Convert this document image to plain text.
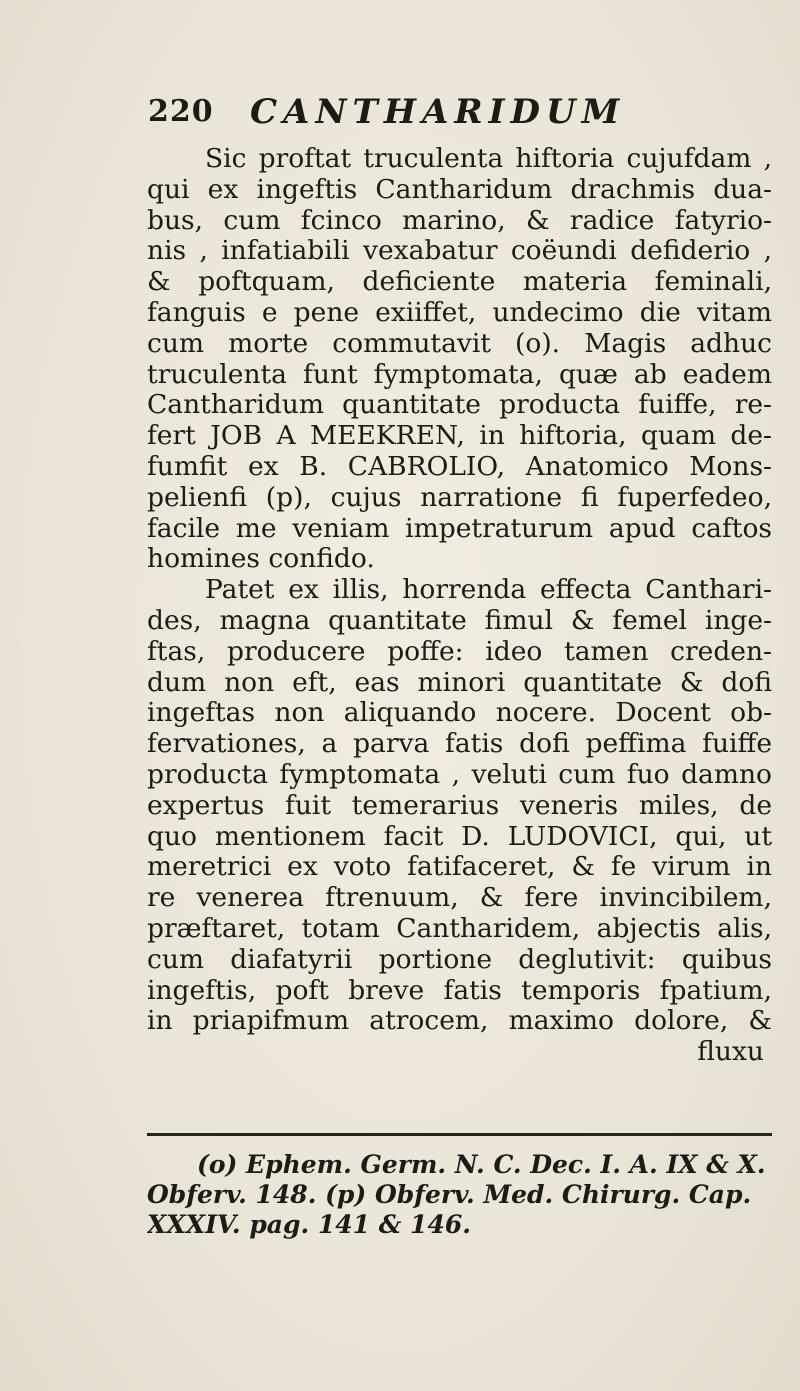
220 CANTHARIDUM
Sic proftat truculenta hiftoria cujufdam ,
qui ex ingeftis Cantharidum drachmis dua-
bus, cum fcinco marino, & radice fatyrio-
nis , infatiabili vexabatur coëundi defiderio ,
& poftquam, deficiente materia feminali,
fanguis e pene exiiffet, undecimo die vitam
cum morte commutavit (o). Magis adhuc
truculenta funt fymptomata, quæ ab eadem
Cantharidum quantitate producta fuiffe, re-
fert JOB A MEEKREN, in hiftoria, quam de-
fumfit ex B. CABROLIO, Anatomico Mons-
pelienfi (p), cujus narratione fi fuperfedeo,
facile me veniam impetraturum apud caftos
homines confido.
Patet ex illis, horrenda effecta Canthari-
des, magna quantitate fimul & femel inge-
ftas, producere poffe: ideo tamen creden-
dum non eft, eas minori quantitate & dofi
ingeftas non aliquando nocere. Docent ob-
fervationes, a parva fatis dofi peffima fuiffe
producta fymptomata , veluti cum fuo damno
expertus fuit temerarius veneris miles, de
quo mentionem facit D. LUDOVICI, qui, ut
meretrici ex voto fatifaceret, & fe virum in
re venerea ftrenuum, & fere invincibilem,
præftaret, totam Cantharidem, abjectis alis,
cum diafatyrii portione deglutivit: quibus
ingeftis, poft breve fatis temporis fpatium,
in priapifmum atrocem, maximo dolore, &
fluxu
(o) Ephem. Germ. N. C. Dec. I. A. IX & X.
Obferv. 148. (p) Obferv. Med. Chirurg. Cap.
XXXIV. pag. 141 & 146.
